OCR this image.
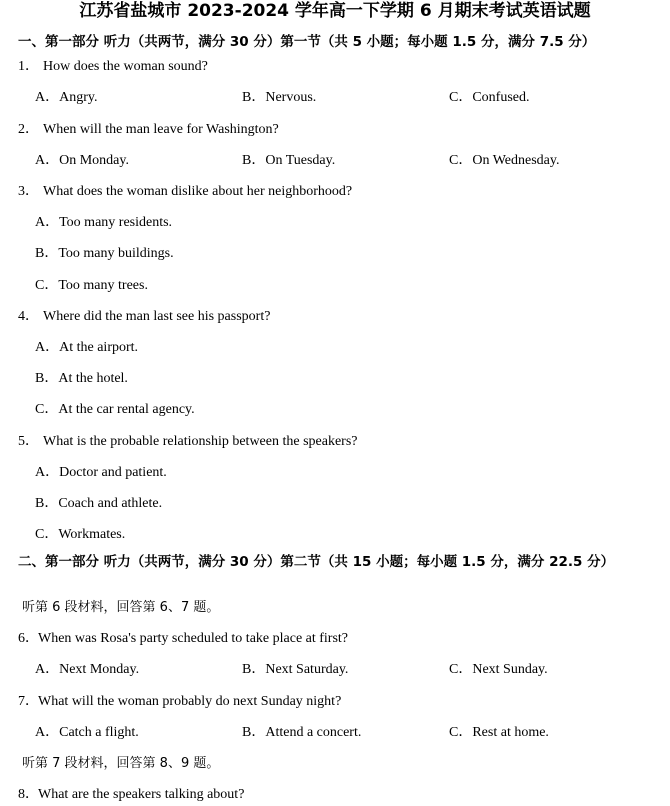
江苏省盐城市 2023-2024 学年高一下学期 6 月期末考试英语试题
一、第一部分 听力（共两节，满分 30 分）第一节（共 5 小题；每小题 1.5 分，满分 7.5 分）
1． How does the woman sound?
A．Angry.	B．Nervous.	C．Confused.
2． When will the man leave for Washington?
A．On Monday.	B．On Tuesday.	C．On Wednesday.
3． What does the woman dislike about her neighborhood?
A．Too many residents.
B．Too many buildings.
C．Too many trees.
4． Where did the man last see his passport?
A．At the airport.
B．At the hotel.
C．At the car rental agency.
5． What is the probable relationship between the speakers?
A．Doctor and patient.
B．Coach and athlete.
C．Workmates.
二、第一部分 听力（共两节，满分 30 分）第二节（共 15 小题；每小题 1.5 分，满分 22.5 分）
听第 6 段材料，回答第 6、7 题。
6．When was Rosa's party scheduled to take place at first?
A．Next Monday.	B．Next Saturday.	C．Next Sunday.
7．What will the woman probably do next Sunday night?
A．Catch a flight.	B．Attend a concert.	C．Rest at home.
听第 7 段材料，回答第 8、9 题。
8．What are the speakers talking about?
